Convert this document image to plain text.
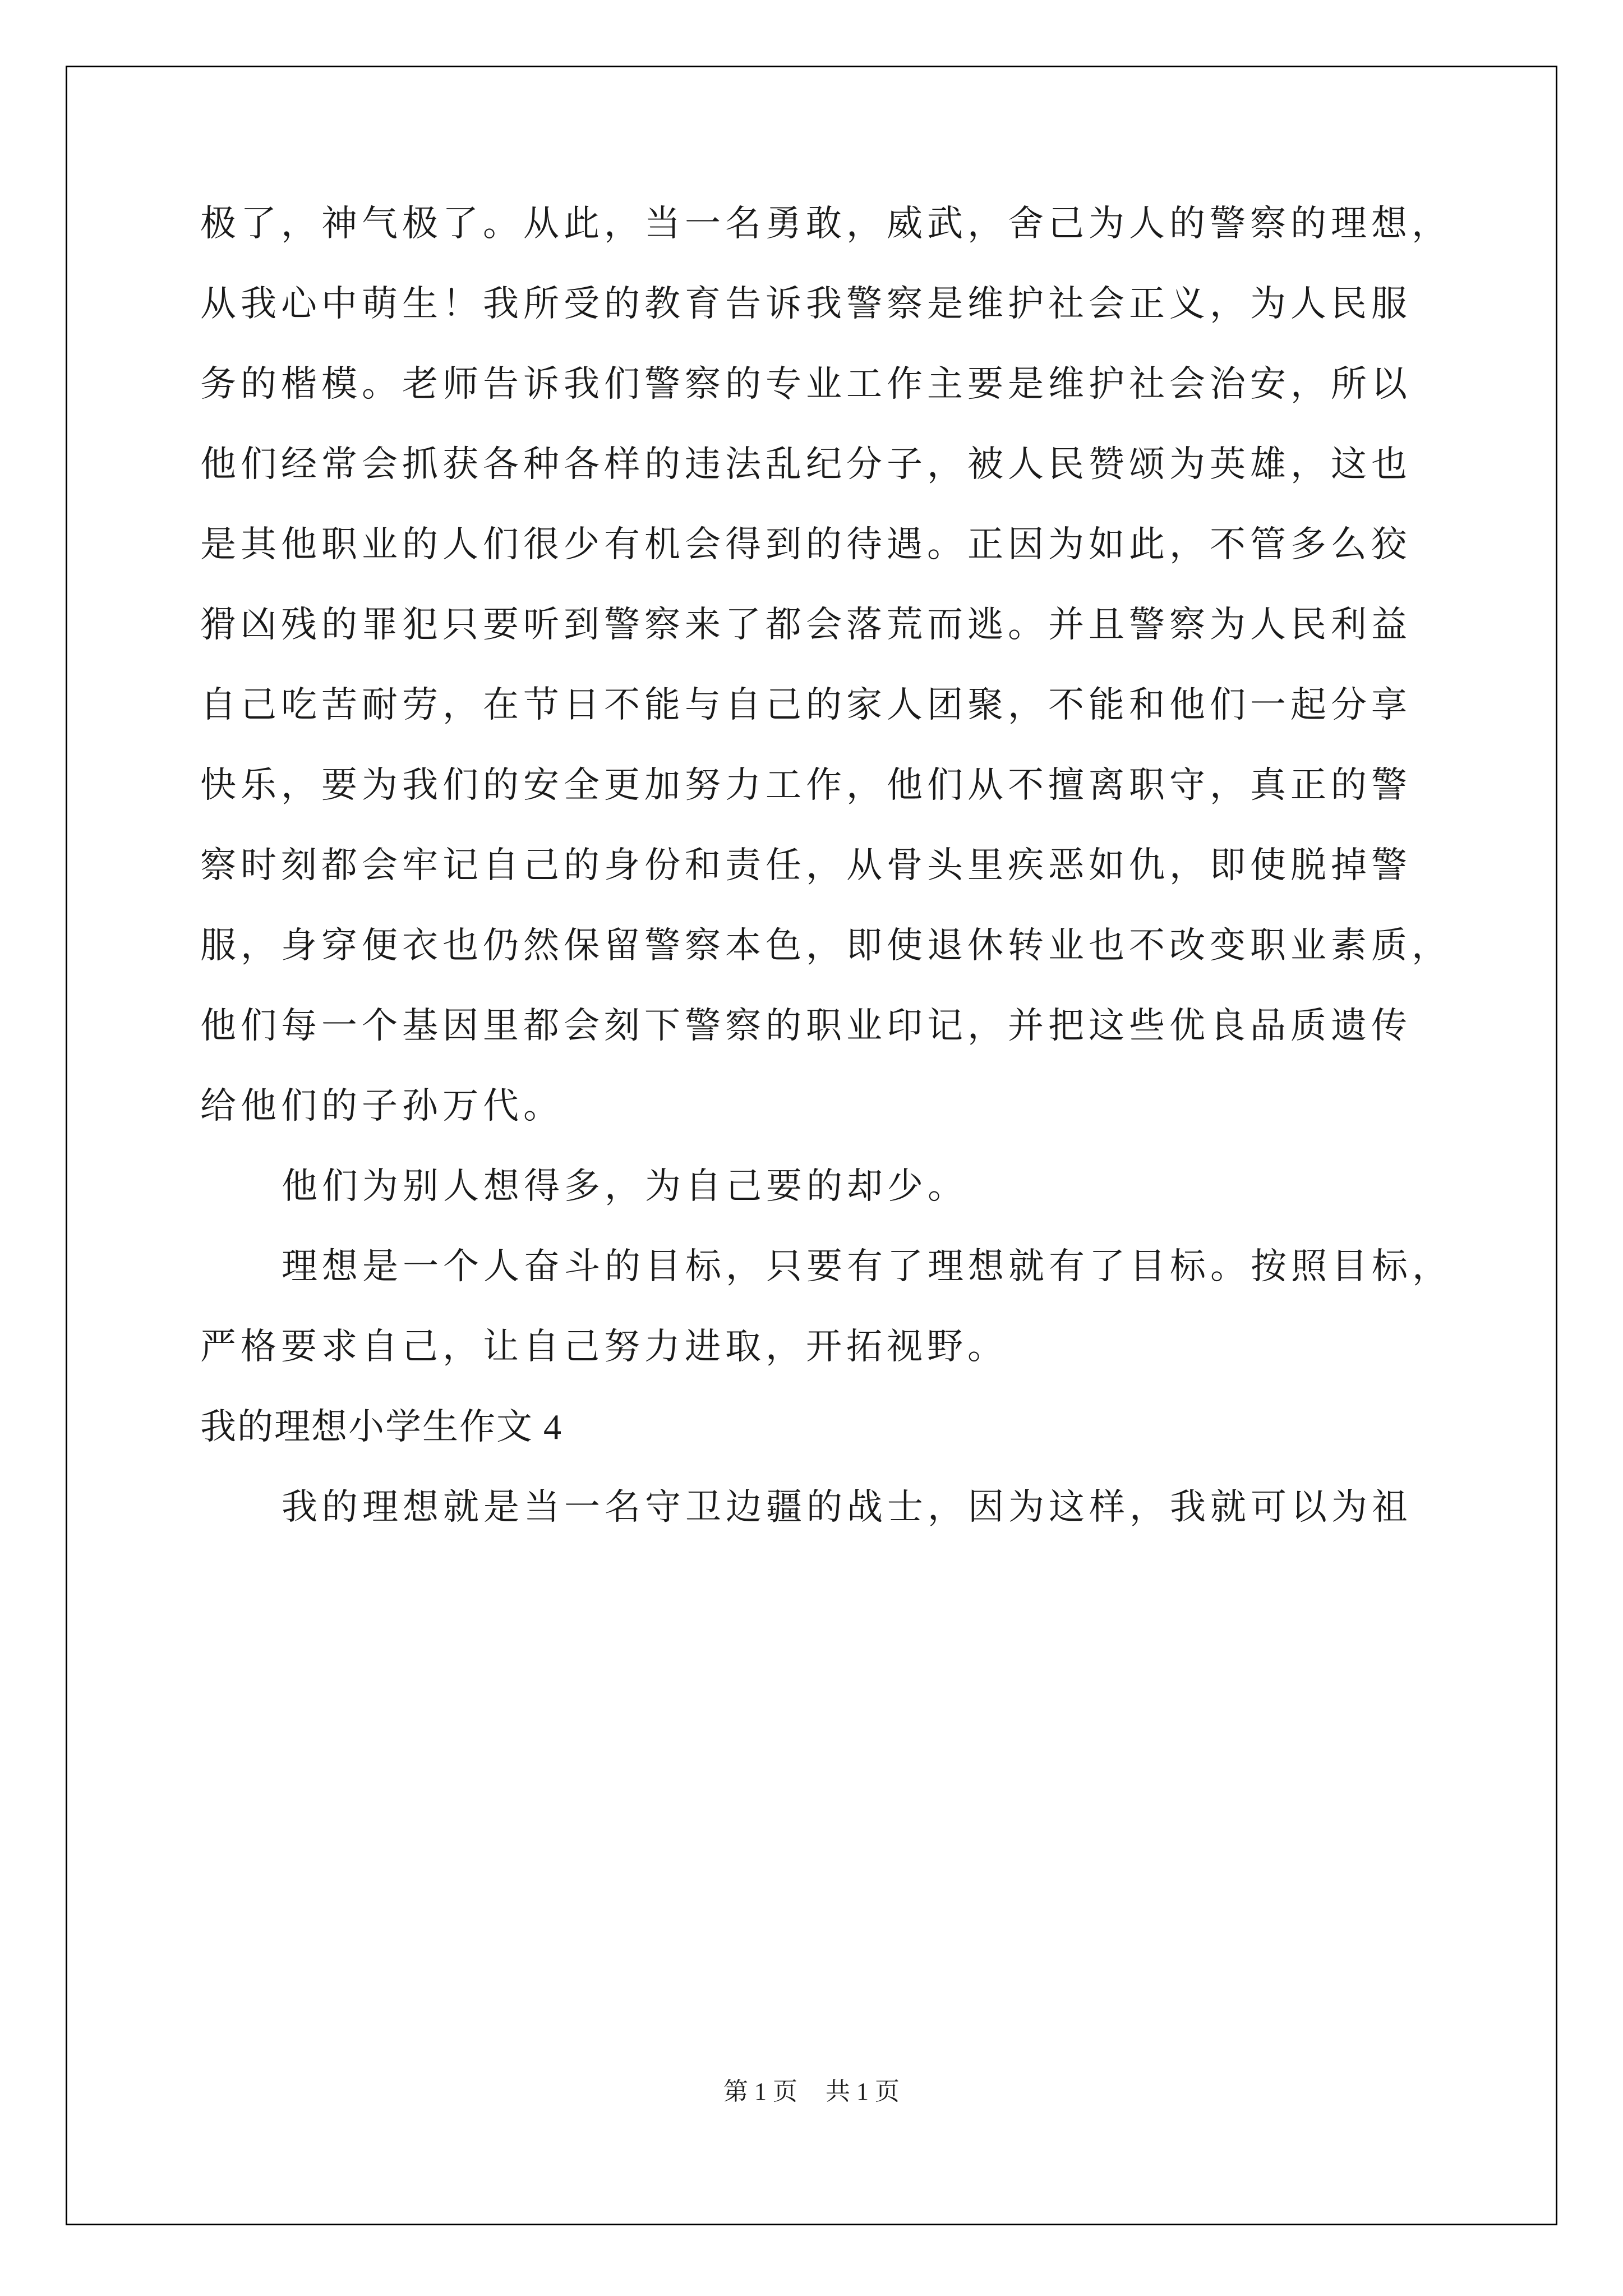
极了，神气极了。从此，当一名勇敢，威武，舍己为人的警察的理想，
从我心中萌生！我所受的教育告诉我警察是维护社会正义，为人民服
务的楷模。老师告诉我们警察的专业工作主要是维护社会治安，所以
他们经常会抓获各种各样的违法乱纪分子，被人民赞颂为英雄，这也
是其他职业的人们很少有机会得到的待遇。正因为如此，不管多么狡
猾凶残的罪犯只要听到警察来了都会落荒而逃。并且警察为人民利益
自己吃苦耐劳，在节日不能与自己的家人团聚，不能和他们一起分享
快乐，要为我们的安全更加努力工作，他们从不擅离职守，真正的警
察时刻都会牢记自己的身份和责任，从骨头里疾恶如仇，即使脱掉警
服，身穿便衣也仍然保留警察本色，即使退休转业也不改变职业素质，
他们每一个基因里都会刻下警察的职业印记，并把这些优良品质遗传
给他们的子孙万代。
他们为别人想得多，为自己要的却少。
理想是一个人奋斗的目标，只要有了理想就有了目标。按照目标，
严格要求自己，让自己努力进取，开拓视野。
我的理想小学生作文 4
我的理想就是当一名守卫边疆的战士，因为这样，我就可以为祖
第 1 页 共 1 页
